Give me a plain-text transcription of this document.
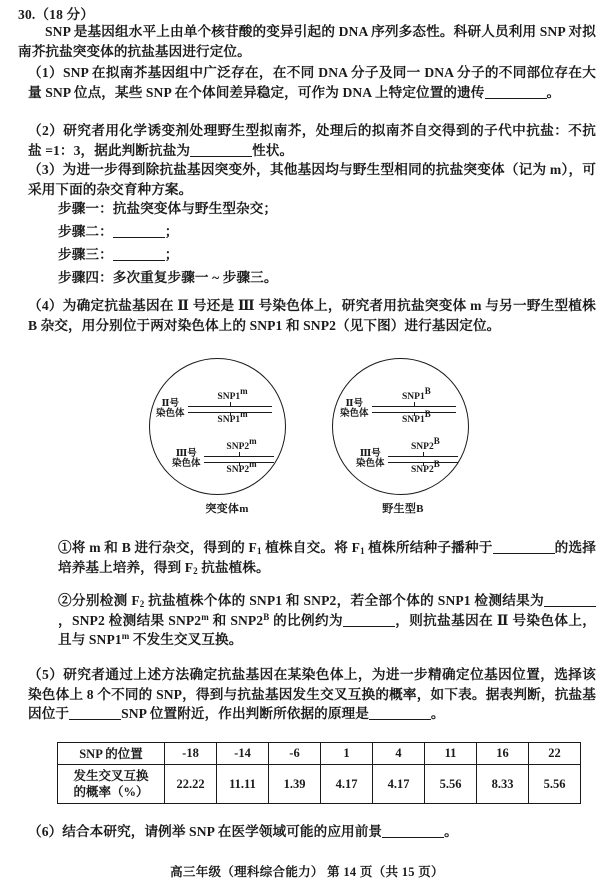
30.（18 分）
SNP 是基因组水平上由单个核苷酸的变异引起的 DNA 序列多态性。科研人员利用 SNP 对拟南芥抗盐突变体的抗盐基因进行定位。
（1）SNP 在拟南芥基因组中广泛存在，在不同 DNA 分子及同一 DNA 分子的不同部位存在大量 SNP 位点，某些 SNP 在个体间差异稳定，可作为 DNA 上特定位置的遗传	。
（2）研究者用化学诱变剂处理野生型拟南芥，处理后的拟南芥自交得到的子代中抗盐：不抗盐 =1：3，据此判断抗盐为	性状。
（3）为进一步得到除抗盐基因突变外，其他基因均与野生型相同的抗盐突变体（记为 m），可采用下面的杂交育种方案。
步骤一：抗盐突变体与野生型杂交；
步骤二：	；
步骤三：	；
步骤四：多次重复步骤一 ~ 步骤三。
（4）为确定抗盐基因在 Ⅱ 号还是 Ⅲ 号染色体上，研究者用抗盐突变体 m 与另一野生型植株 B 杂交，用分别位于两对染色体上的 SNP1 和 SNP2（见下图）进行基因定位。
Ⅱ号
染色体
SNP1$^m$
SNP1$^m$
Ⅲ号
染色体
SNP2$^m$
SNP2$^m$
突变体m
Ⅱ号
染色体
$SNP1^B$
$SNP1^B$
Ⅲ号
染色体
$SNP2^B$
$SNP2^B$
野生型B
①将 m 和 B 进行杂交，得到的 $F_1$ 植株自交。将 $F_1$ 植株所结种子播种于	的选择培养基上培养，得到 $F_2$ 抗盐植株。
②分别检测 $F_2$ 抗盐植株个体的 SNP1 和 SNP2，若全部个体的 SNP1 检测结果为，SNP2 检测结果 SNP2$^m$ 和 $SNP2^B$ 的比例约为	，则抗盐基因在 Ⅱ 号染色体上，且与 SNP1$^m$ 不发生交叉互换。
（5）研究者通过上述方法确定抗盐基因在某染色体上，为进一步精确定位基因位置，选择该染色体上 8 个不同的 SNP，得到与抗盐基因发生交叉互换的概率，如下表。据表判断，抗盐基因位于	SNP 位置附近，作出判断所依据的原理是	。
SNP 的位置	-18	-14	-6	1	4	11	16	22

发生交叉互换
的概率（%）	22.22	11.11	1.39	4.17	4.17	5.56	8.33	5.56
（6）结合本研究，请例举 SNP 在医学领域可能的应用前景	。
高三年级（理科综合能力） 第 14 页（共 15 页）
